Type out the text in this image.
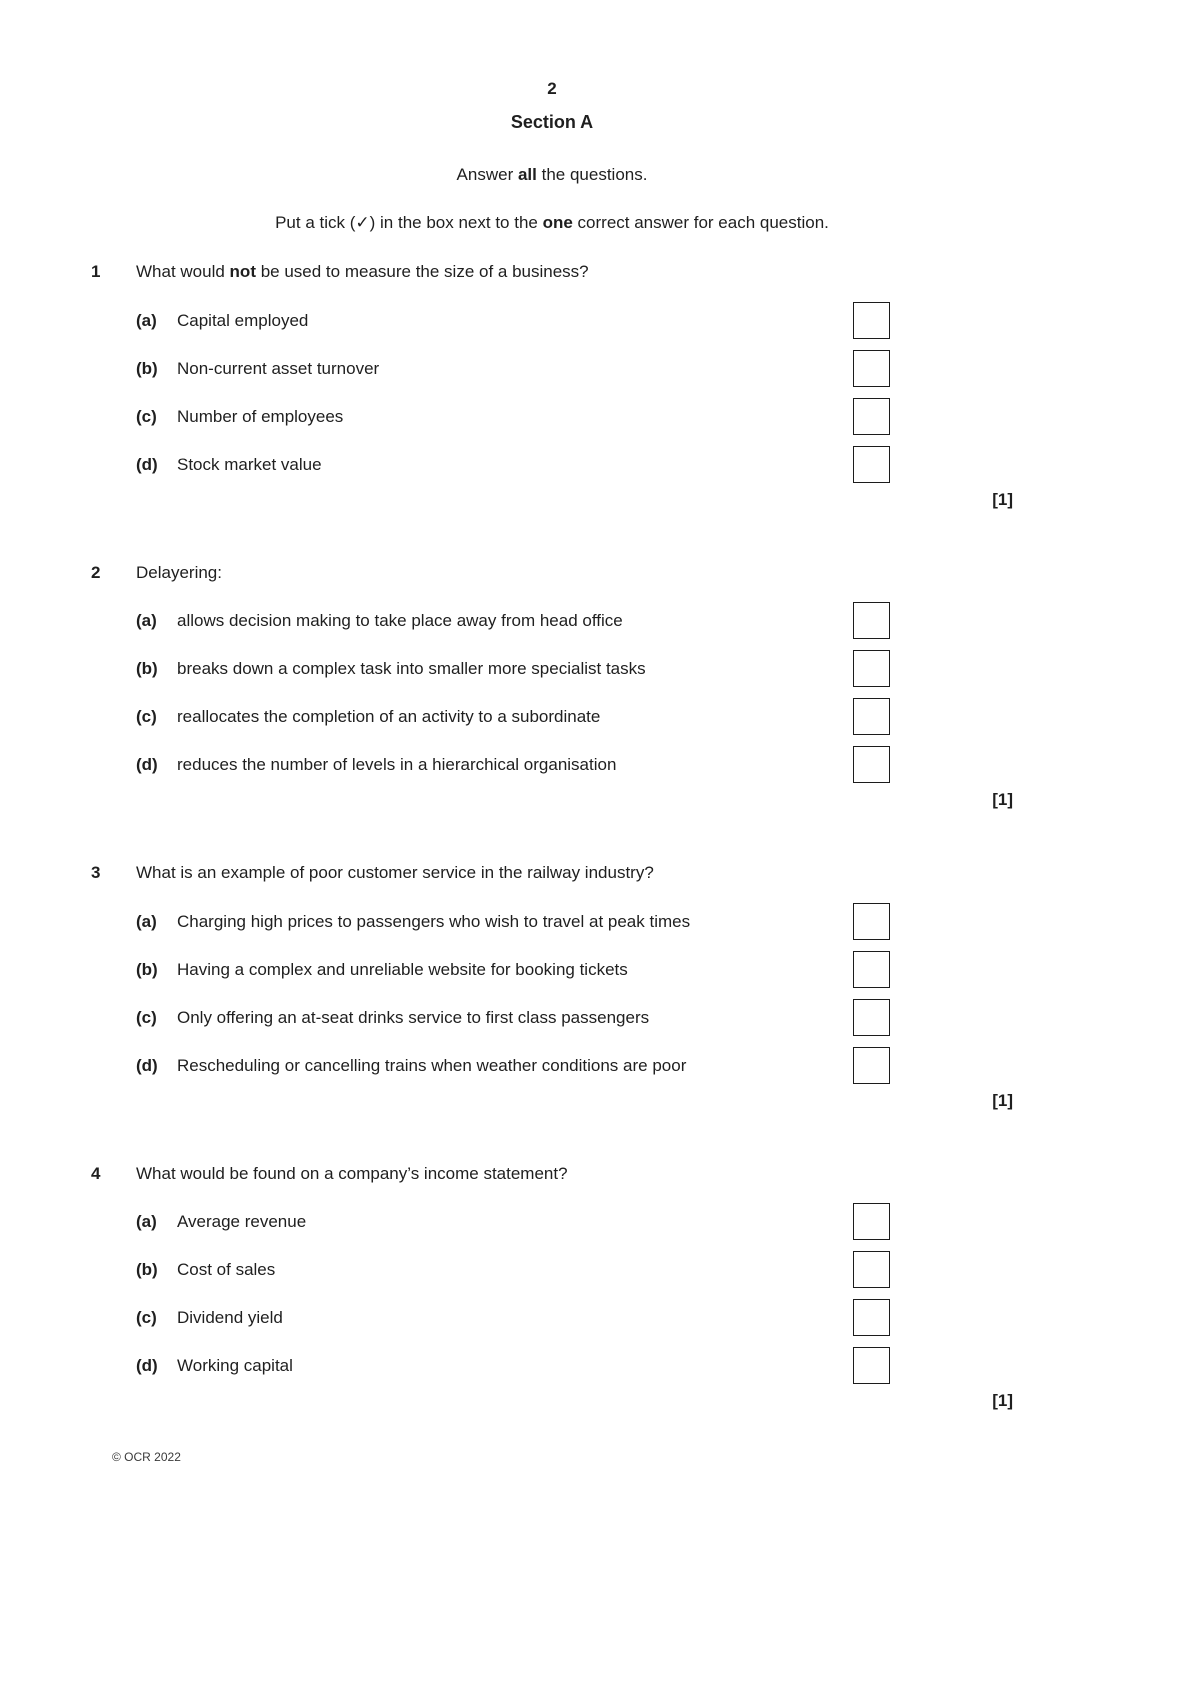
2
Section A
Answer all the questions.
Put a tick (✓) in the box next to the one correct answer for each question.
1	What would not be used to measure the size of a business?
(a)	Capital employed
(b)	Non-current asset turnover
(c)	Number of employees
(d)	Stock market value
[1]
2	Delayering:
(a)	allows decision making to take place away from head office
(b)	breaks down a complex task into smaller more specialist tasks
(c)	reallocates the completion of an activity to a subordinate
(d)	reduces the number of levels in a hierarchical organisation
[1]
3	What is an example of poor customer service in the railway industry?
(a)	Charging high prices to passengers who wish to travel at peak times
(b)	Having a complex and unreliable website for booking tickets
(c)	Only offering an at-seat drinks service to first class passengers
(d)	Rescheduling or cancelling trains when weather conditions are poor
[1]
4	What would be found on a company’s income statement?
(a)	Average revenue
(b)	Cost of sales
(c)	Dividend yield
(d)	Working capital
[1]
© OCR 2022
